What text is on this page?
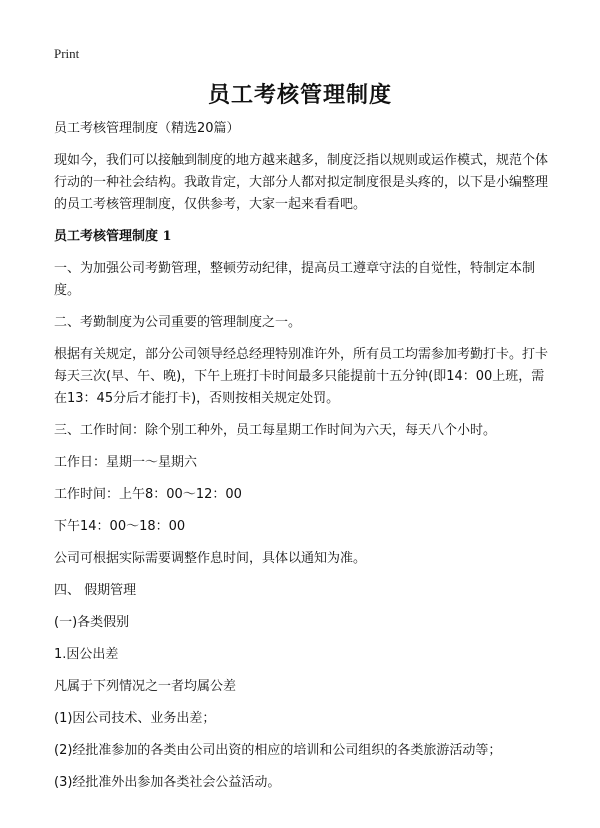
Print
员工考核管理制度

员工考核管理制度（精选20篇）

现如今，我们可以接触到制度的地方越来越多，制度泛指以规则或运作模式，规范个体行动的一种社会结构。我敢肯定，大部分人都对拟定制度很是头疼的，以下是小编整理的员工考核管理制度，仅供参考，大家一起来看看吧。

员工考核管理制度 1

一、为加强公司考勤管理，整顿劳动纪律，提高员工遵章守法的自觉性，特制定本制度。

二、考勤制度为公司重要的管理制度之一。

根据有关规定，部分公司领导经总经理特别准许外，所有员工均需参加考勤打卡。打卡每天三次(早、午、晚)，下午上班打卡时间最多只能提前十五分钟(即14：00上班，需在13：45分后才能打卡)，否则按相关规定处罚。

三、工作时间：除个别工种外，员工每星期工作时间为六天，每天八个小时。

工作日：星期一～星期六

工作时间：上午8：00～12：00

下午14：00～18：00

公司可根据实际需要调整作息时间，具体以通知为准。

四、 假期管理

(一)各类假别

1.因公出差

凡属于下列情况之一者均属公差

(1)因公司技术、业务出差；

(2)经批准参加的各类由公司出资的相应的培训和公司组织的各类旅游活动等；

(3)经批准外出参加各类社会公益活动。
